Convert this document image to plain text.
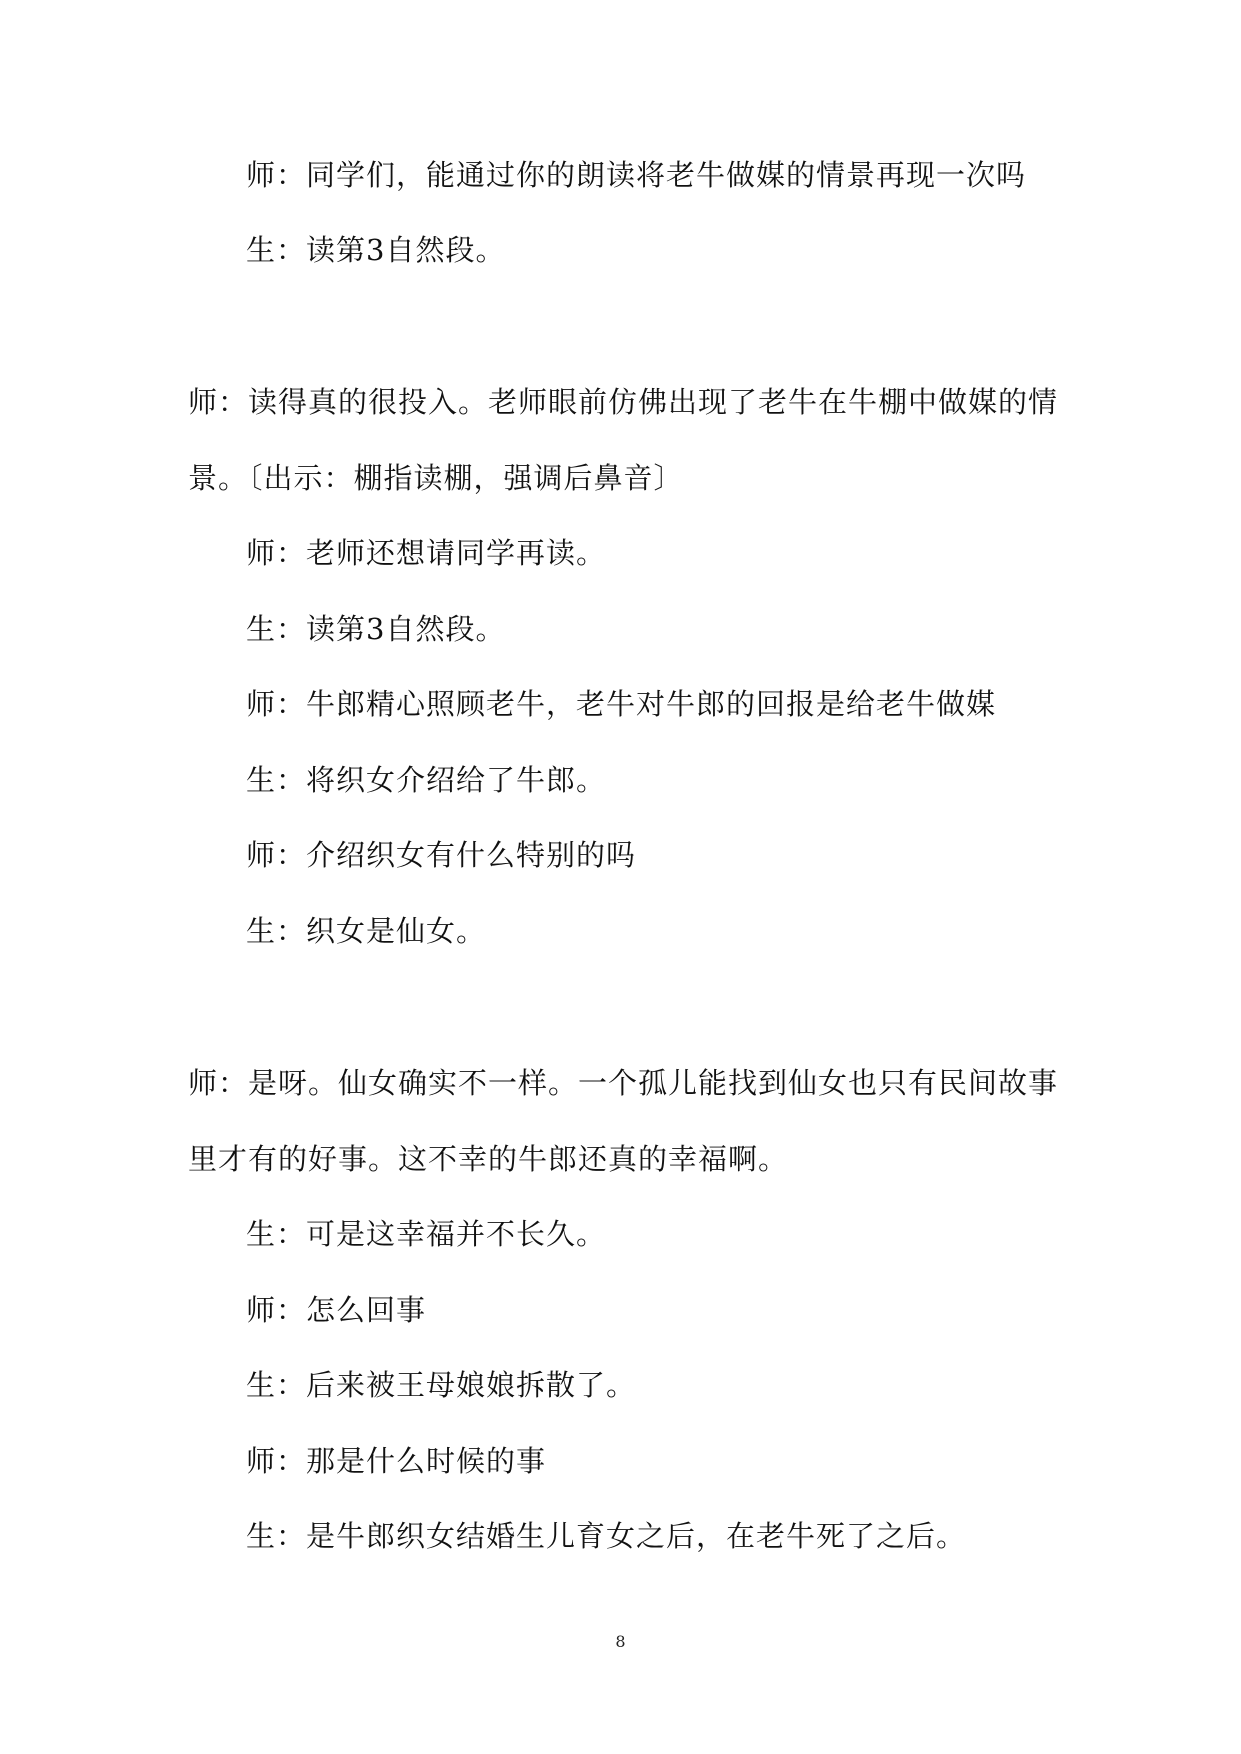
师：同学们，能通过你的朗读将老牛做媒的情景再现一次吗
生：读第3自然段。
师：读得真的很投入。老师眼前仿佛出现了老牛在牛棚中做媒的情
景。〔出示：棚指读棚，强调后鼻音〕
师：老师还想请同学再读。
生：读第3自然段。
师：牛郎精心照顾老牛，老牛对牛郎的回报是给老牛做媒
生：将织女介绍给了牛郎。
师：介绍织女有什么特别的吗
生：织女是仙女。
师：是呀。仙女确实不一样。一个孤儿能找到仙女也只有民间故事
里才有的好事。这不幸的牛郎还真的幸福啊。
生：可是这幸福并不长久。
师：怎么回事
生：后来被王母娘娘拆散了。
师：那是什么时候的事
生：是牛郎织女结婚生儿育女之后，在老牛死了之后。
8
